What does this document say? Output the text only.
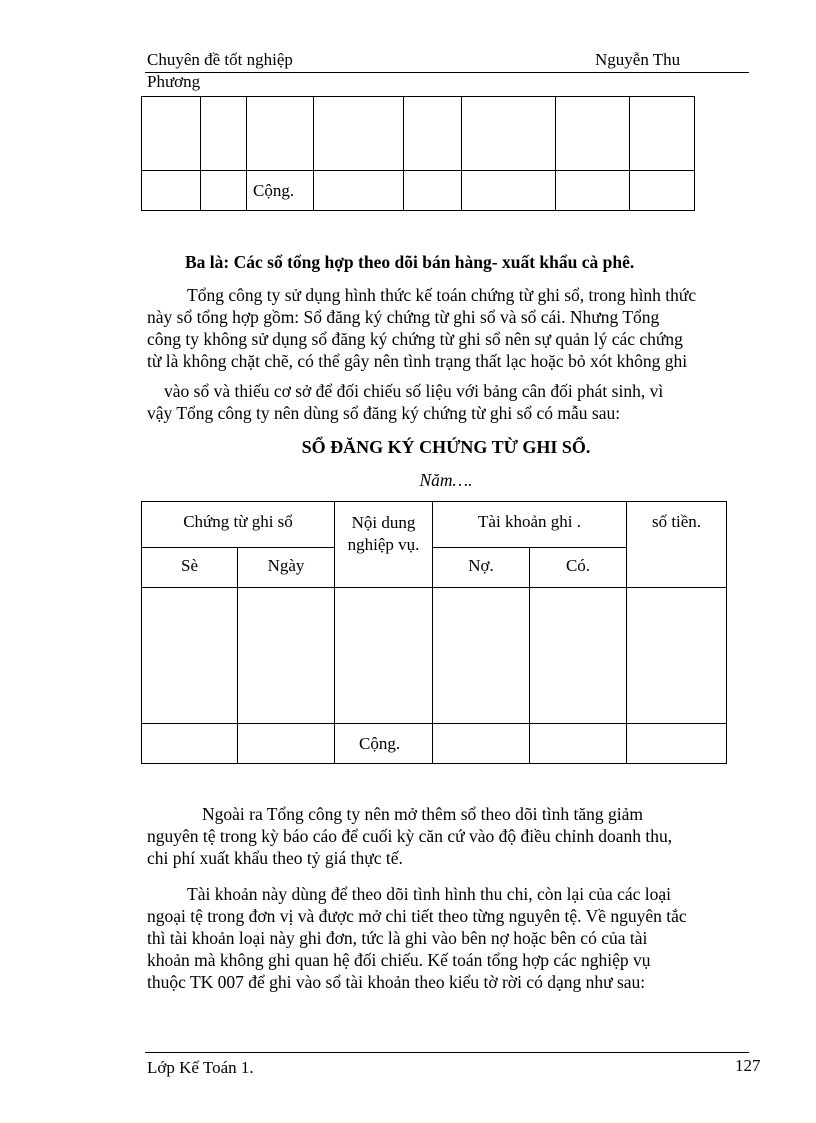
Chuyên đề tốt nghiệp	Nguyễn Thu
Phương

		Cộng.					
Ba là: Các sổ tổng hợp theo dõi bán hàng- xuất khẩu cà phê.

Tổng công ty sử dụng hình thức kế toán chứng từ ghi sổ, trong hình thức

này sổ tổng hợp gồm: Sổ đăng ký chứng từ ghi sổ và sổ cái. Nhưng Tổng

công ty không sử dụng sổ đăng ký chứng từ ghi sổ nên sự quản lý các chứng

từ là không chặt chẽ, có thể gây nên tình trạng thất lạc hoặc bỏ xót không ghi

vào sổ và thiếu cơ sở để đối chiếu số liệu với bảng cân đối phát sinh, vì

vậy Tổng công ty nên dùng sổ đăng ký chứng từ ghi sổ có mẫu sau:

SỔ ĐĂNG KÝ CHỨNG TỪ GHI SỔ.
Năm….
Chứng từ ghi sổ		Nội dung nghiệp vụ.	Tài khoản ghi .		số tiền.
Sè	Ngày		Nợ.	Có.	

		Cộng.			

Ngoài ra Tổng công ty nên mở thêm sổ theo dõi tình tăng giảm

nguyên tệ trong kỳ báo cáo để cuối kỳ căn cứ vào độ điều chỉnh doanh thu,

chi phí xuất khẩu theo tỷ giá thực tế.

Tài khoản này dùng để theo dõi tình hình thu chi, còn lại của các loại

ngoại tệ trong đơn vị và được mở chi tiết theo từng nguyên tệ. Về nguyên tắc

thì tài khoản loại này ghi đơn, tức là ghi vào bên nợ hoặc bên có của tài

khoản mà không ghi quan hệ đối chiếu. Kế toán tổng hợp các nghiệp vụ

thuộc TK 007 để ghi vào sổ tài khoản theo kiểu tờ rời có dạng như sau:

Lớp Kế Toán 1.	127
